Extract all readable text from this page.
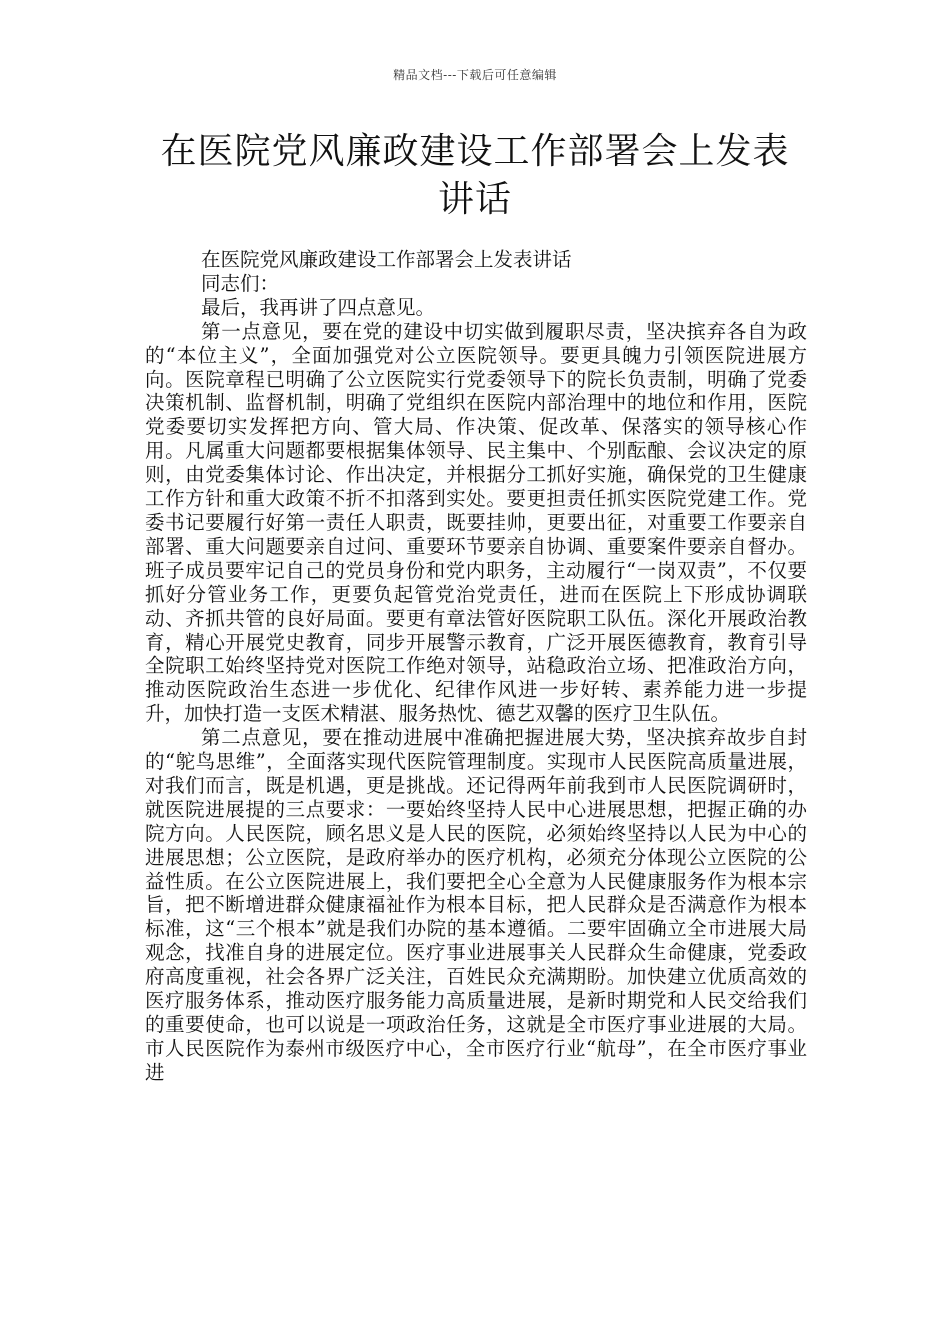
精品文档---下载后可任意编辑
在医院党风廉政建设工作部署会上发表讲话

在医院党风廉政建设工作部署会上发表讲话

同志们：

最后，我再讲了四点意见。

第一点意见，要在党的建设中切实做到履职尽责，坚决摈弃各自为政的“本位主义”，全面加强党对公立医院领导。要更具魄力引领医院进展方向。医院章程已明确了公立医院实行党委领导下的院长负责制，明确了党委决策机制、监督机制，明确了党组织在医院内部治理中的地位和作用，医院党委要切实发挥把方向、管大局、作决策、促改革、保落实的领导核心作用。凡属重大问题都要根据集体领导、民主集中、个别酝酿、会议决定的原则，由党委集体讨论、作出决定，并根据分工抓好实施，确保党的卫生健康工作方针和重大政策不折不扣落到实处。要更担责任抓实医院党建工作。党委书记要履行好第一责任人职责，既要挂帅，更要出征，对重要工作要亲自部署、重大问题要亲自过问、重要环节要亲自协调、重要案件要亲自督办。班子成员要牢记自己的党员身份和党内职务，主动履行“一岗双责”，不仅要抓好分管业务工作，更要负起管党治党责任，进而在医院上下形成协调联动、齐抓共管的良好局面。要更有章法管好医院职工队伍。深化开展政治教育，精心开展党史教育，同步开展警示教育，广泛开展医德教育，教育引导全院职工始终坚持党对医院工作绝对领导，站稳政治立场、把准政治方向，推动医院政治生态进一步优化、纪律作风进一步好转、素养能力进一步提升，加快打造一支医术精湛、服务热忱、德艺双馨的医疗卫生队伍。

第二点意见，要在推动进展中准确把握进展大势，坚决摈弃故步自封的“鸵鸟思维”，全面落实现代医院管理制度。实现市人民医院高质量进展，对我们而言，既是机遇，更是挑战。还记得两年前我到市人民医院调研时，就医院进展提的三点要求：一要始终坚持人民中心进展思想，把握正确的办院方向。人民医院，顾名思义是人民的医院，必须始终坚持以人民为中心的进展思想；公立医院，是政府举办的医疗机构，必须充分体现公立医院的公益性质。在公立医院进展上，我们要把全心全意为人民健康服务作为根本宗旨，把不断增进群众健康福祉作为根本目标，把人民群众是否满意作为根本标准，这“三个根本”就是我们办院的基本遵循。二要牢固确立全市进展大局观念，找准自身的进展定位。医疗事业进展事关人民群众生命健康，党委政府高度重视，社会各界广泛关注，百姓民众充满期盼。加快建立优质高效的医疗服务体系，推动医疗服务能力高质量进展，是新时期党和人民交给我们的重要使命，也可以说是一项政治任务，这就是全市医疗事业进展的大局。市人民医院作为泰州市级医疗中心，全市医疗行业“航母”，在全市医疗事业进
